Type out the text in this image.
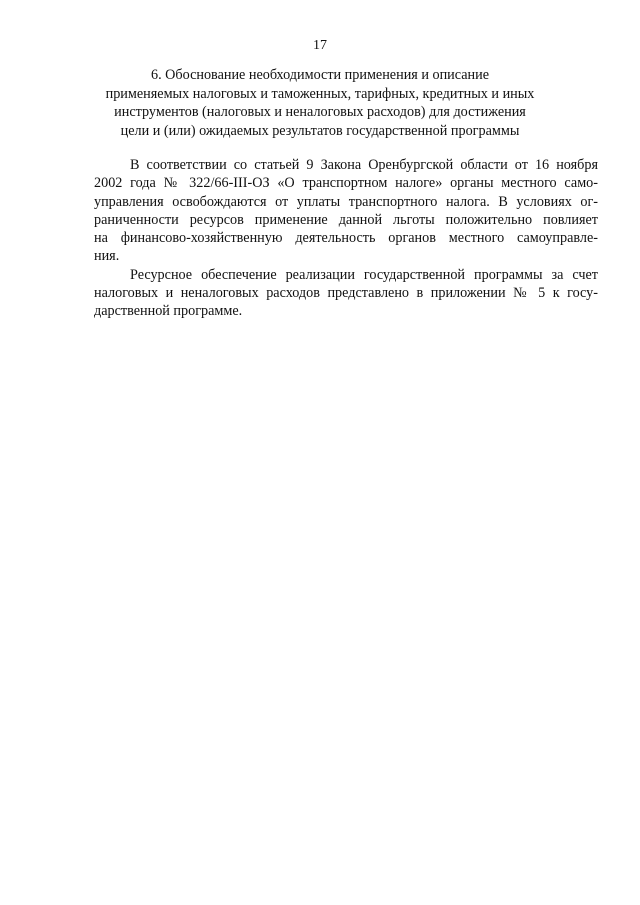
17
6. Обоснование необходимости применения и описание
применяемых налоговых и таможенных, тарифных, кредитных и иных
инструментов (налоговых и неналоговых расходов) для достижения
цели и (или) ожидаемых результатов государственной программы
В соответствии со статьей 9 Закона Оренбургской области от 16 ноября
2002 года № 322/66-III-ОЗ «О транспортном налоге» органы местного само-
управления освобождаются от уплаты транспортного налога. В условиях ог-
раниченности ресурсов применение данной льготы положительно повлияет
на финансово-хозяйственную деятельность органов местного самоуправле-
ния.
Ресурсное обеспечение реализации государственной программы за счет
налоговых и неналоговых расходов представлено в приложении № 5 к госу-
дарственной программе.
